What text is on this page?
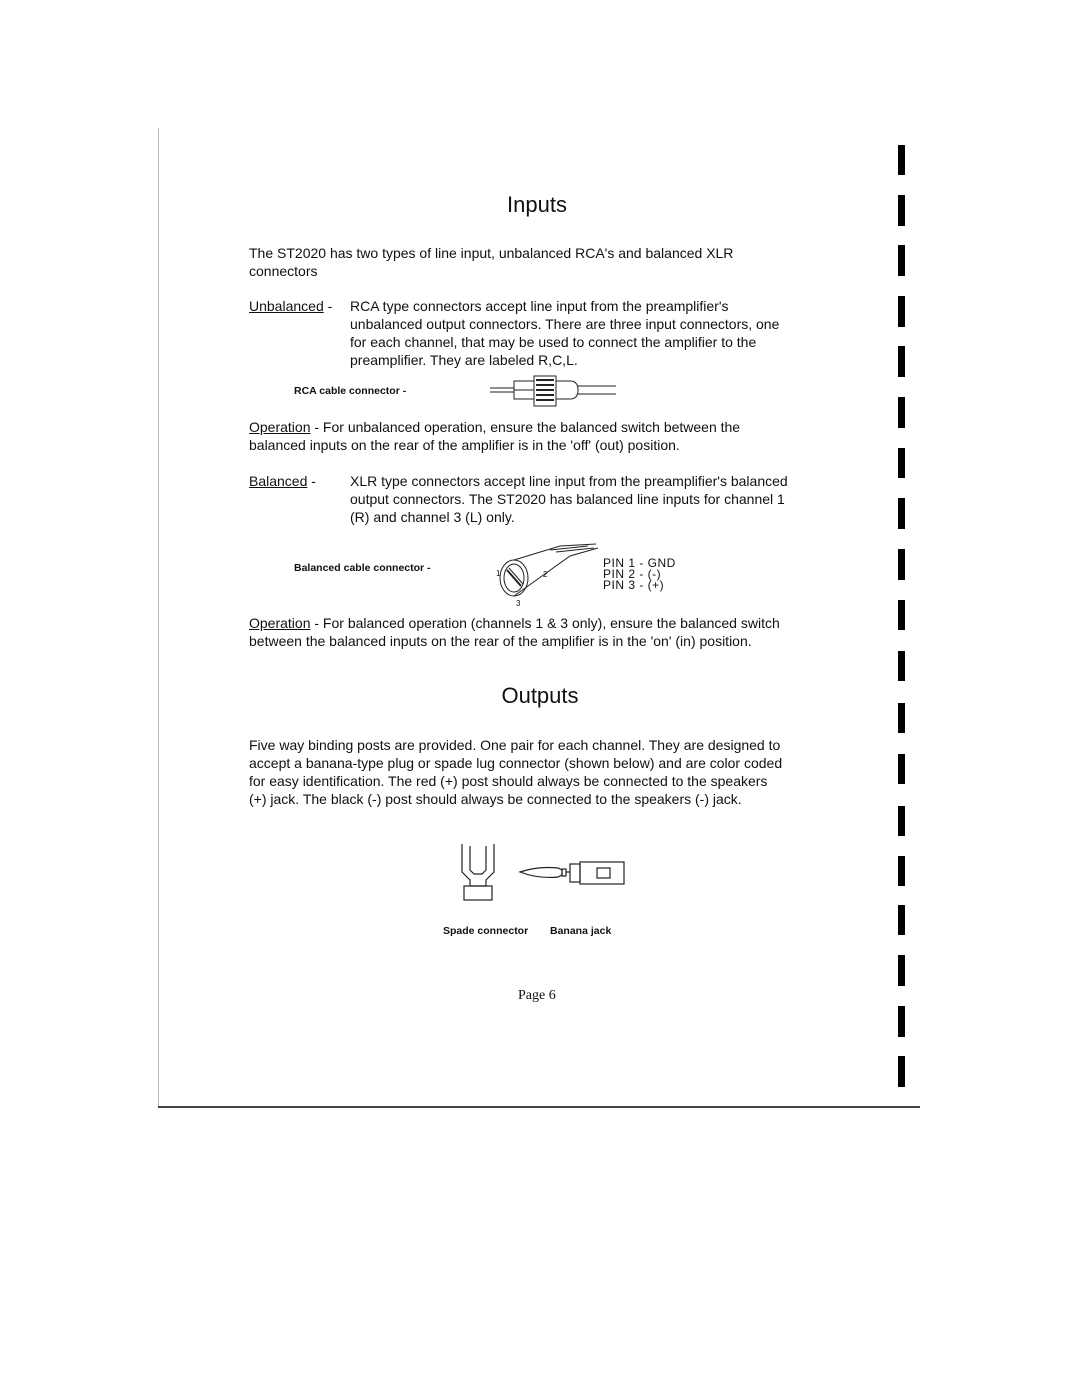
Inputs
The ST2020 has two types of line input, unbalanced RCA's and balanced XLR
connectors
Unbalanced - RCA type connectors accept line input from the preamplifier's
unbalanced output connectors. There are three input connectors, one
for each channel, that may be used to connect the amplifier to the
preamplifier. They are labeled R,C,L.
RCA cable connector -
Operation - For unbalanced operation, ensure the balanced switch between the
balanced inputs on the rear of the amplifier is in the 'off' (out) position.
Balanced - XLR type connectors accept line input from the preamplifier's balanced
output connectors. The ST2020 has balanced line inputs for channel 1
(R) and channel 3 (L) only.
Balanced cable connector -	1	2
3
PIN 1 - GND
PIN 2 - (-)
PIN 3 - (+)
Operation - For balanced operation (channels 1 & 3 only), ensure the balanced switch
between the balanced inputs on the rear of the amplifier is in the 'on' (in) position.
Outputs
Five way binding posts are provided. One pair for each channel. They are designed to
accept a banana-type plug or spade lug connector (shown below) and are color coded
for easy identification. The red (+) post should always be connected to the speakers
(+) jack. The black (-) post should always be connected to the speakers (-) jack.
Spade connector Banana jack
Page 6
